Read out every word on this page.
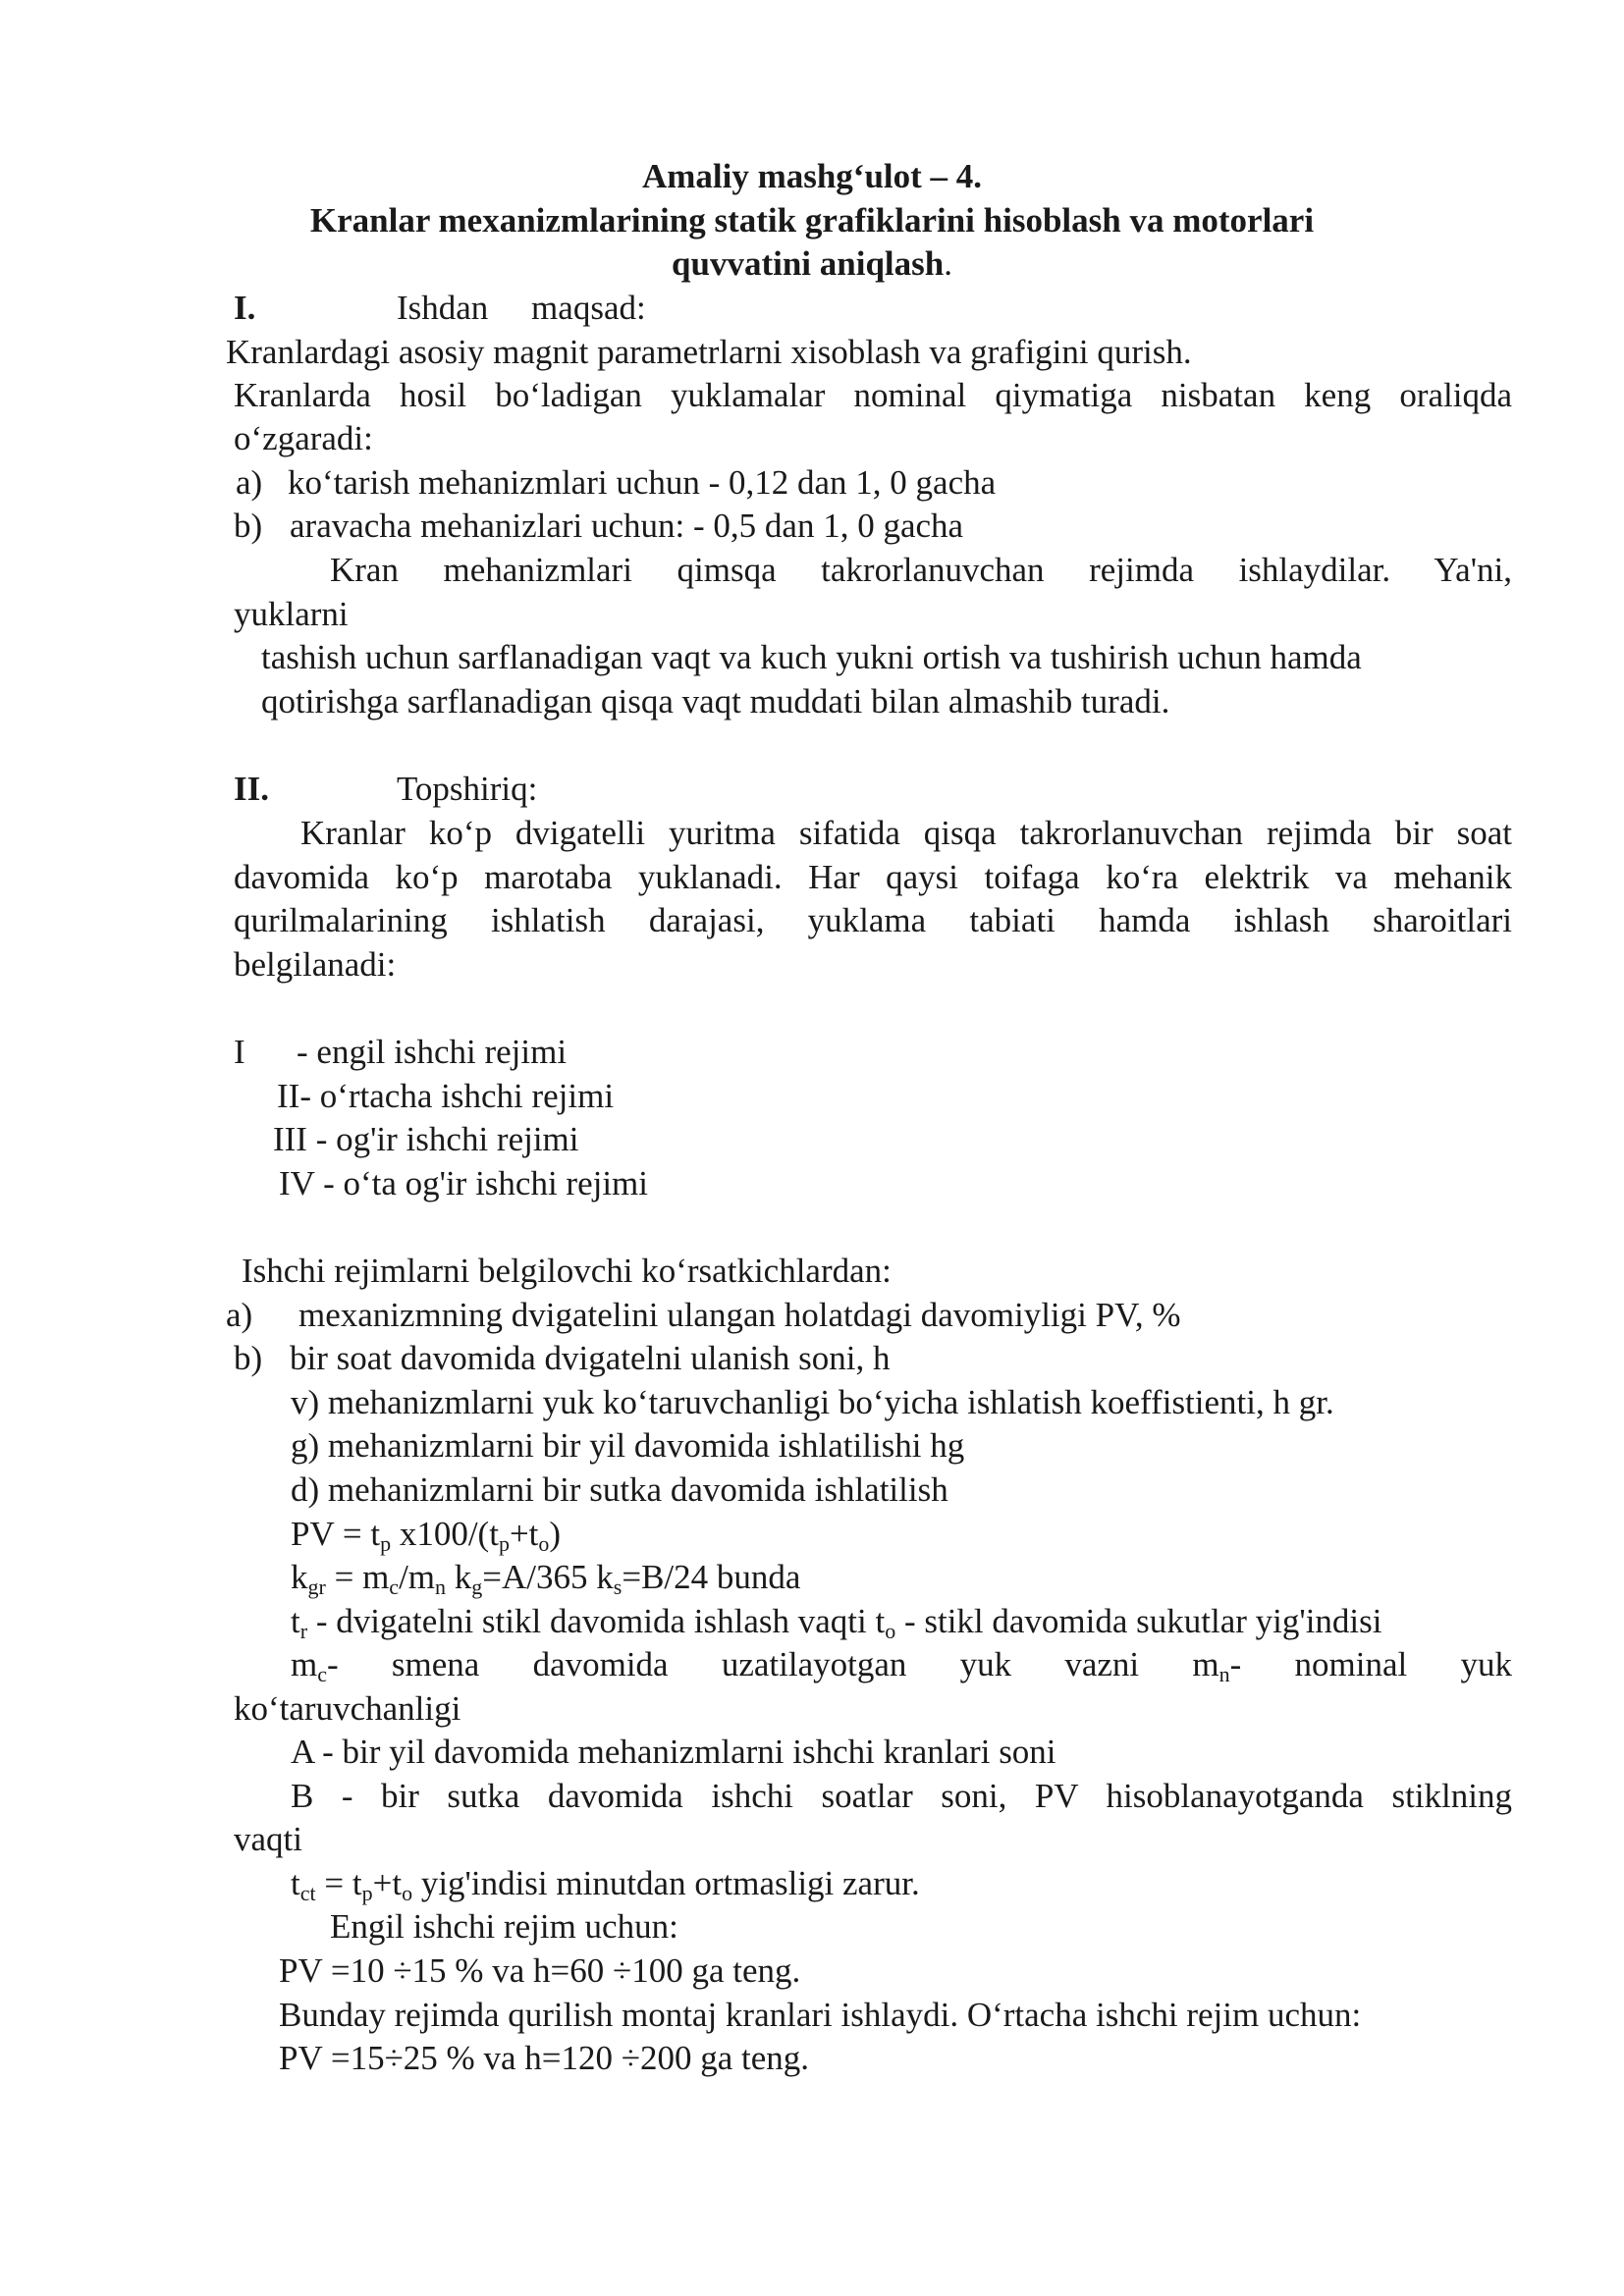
Amaliy mashg‘ulot – 4.
Kranlar mexanizmlarining statik grafiklarini hisoblash va motorlari
quvvatini aniqlash.
I.	Ishdan     maqsad:
Kranlardagi asosiy magnit parametrlarni xisoblash va grafigini qurish.
Kranlarda hosil bo‘ladigan yuklamalar nominal qiymatiga nisbatan keng oraliqda
o‘zgaradi:
a) ko‘tarish mehanizmlari uchun - 0,12 dan 1, 0 gacha
b) aravacha mehanizlari uchun: - 0,5 dan 1, 0 gacha
Kran mehanizmlari qimsqa takrorlanuvchan rejimda ishlaydilar. Ya'ni,
yuklarni
tashish uchun sarflanadigan vaqt va kuch yukni ortish va tushirish uchun hamda
qotirishga sarflanadigan qisqa vaqt muddati bilan almashib turadi.
II.	Topshiriq:
Kranlar ko‘p dvigatelli yuritma sifatida qisqa takrorlanuvchan rejimda bir soat
davomida ko‘p marotaba yuklanadi. Har qaysi toifaga ko‘ra elektrik va mehanik
qurilmalarining ishlatish darajasi, yuklama tabiati hamda ishlash sharoitlari
belgilanadi:
I - engil ishchi rejimi
II- o‘rtacha ishchi rejimi
III - og'ir ishchi rejimi
IV - o‘ta og'ir ishchi rejimi
Ishchi rejimlarni belgilovchi ko‘rsatkichlardan:
a) mexanizmning dvigatelini ulangan holatdagi davomiyligi PV, %
b) bir soat davomida dvigatelni ulanish soni, h
v) mehanizmlarni yuk ko‘taruvchanligi bo‘yicha ishlatish koeffistienti, h gr.
g) mehanizmlarni bir yil davomida ishlatilishi hg
d) mehanizmlarni bir sutka davomida ishlatilish
PV = $t_p$ $x100/(t_p+t_o)$
$k_{gr} = m_c/m_n$ $k_g=A/365$ $k_s=B/24$ bunda
$t_r$ - dvigatelni stikl davomida ishlash vaqti $t_o$ - stikl davomida sukutlar yig'indisi
$m_c-$  smena  davomida  uzatilayotgan  yuk  vazni  $m_n-$  nominal  yuk
ko‘taruvchanligi
A - bir yil davomida mehanizmlarni ishchi kranlari soni
B - bir sutka davomida ishchi soatlar soni, PV hisoblanayotganda stiklning
vaqti
$t_{ct} = t_p+t_o$ yig'indisi minutdan ortmasligi zarur.
Engil ishchi rejim uchun:
PV =10 ÷15 % va h=60 ÷100 ga teng.
Bunday rejimda qurilish montaj kranlari ishlaydi. O‘rtacha ishchi rejim uchun:
PV =15÷25 % va h=120 ÷200 ga teng.
